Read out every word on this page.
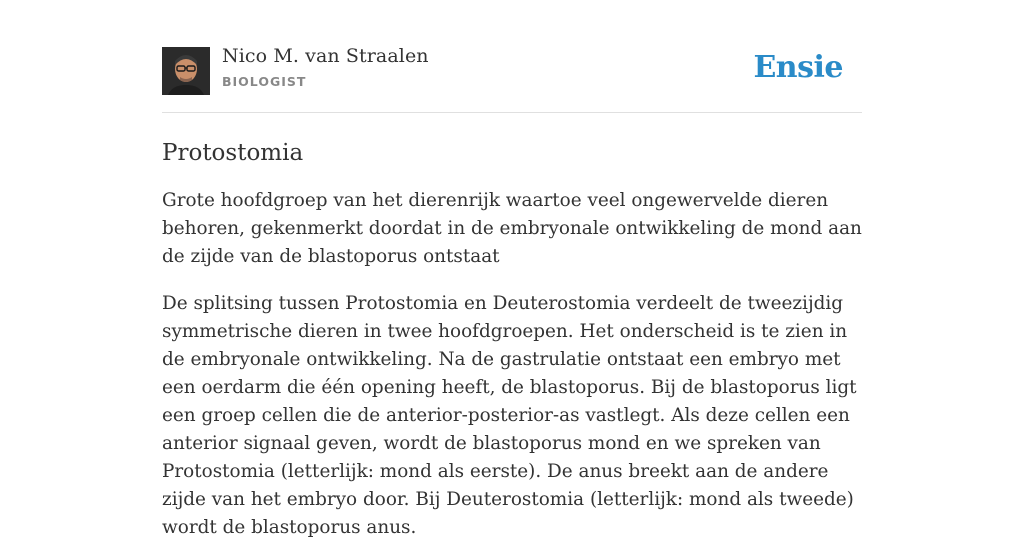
Nico M. van Straalen
BIOLOGIST	Ensie
Protostomia

Grote hoofdgroep van het dierenrijk waartoe veel ongewervelde dieren behoren, gekenmerkt doordat in de embryonale ontwikkeling de mond aan de zijde van de blastoporus ontstaat

De splitsing tussen Protostomia en Deuterostomia verdeelt de tweezijdig symmetrische dieren in twee hoofdgroepen. Het onderscheid is te zien in de embryonale ontwikkeling. Na de gastrulatie ontstaat een embryo met een oerdarm die één opening heeft, de blastoporus. Bij de blastoporus ligt een groep cellen die de anterior-posterior-as vastlegt. Als deze cellen een anterior signaal geven, wordt de blastoporus mond en we spreken van Protostomia (letterlijk: mond als eerste). De anus breekt aan de andere zijde van het embryo door. Bij Deuterostomia (letterlijk: mond als tweede) wordt de blastoporus anus.
